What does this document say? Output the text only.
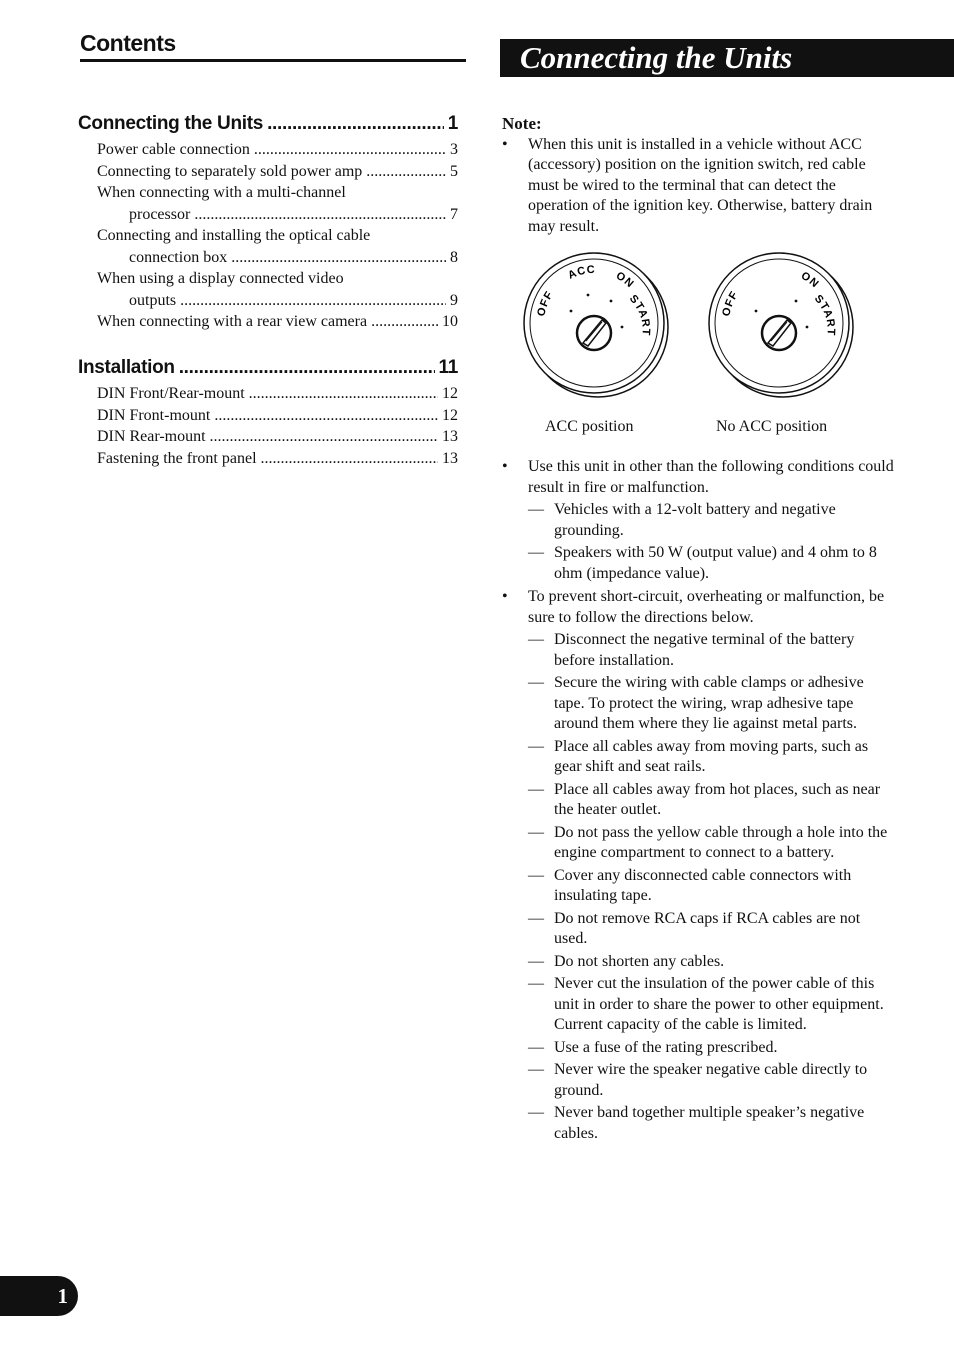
Contents	Connecting the Units
Connecting the Units .....	1
Power cable connection .....	3
Connecting to separately sold power amp .....	5
When connecting with a multi-channel
processor .....	7
Connecting and installing the optical cable
connection box .....	8
When using a display connected video
outputs .....	9
When connecting with a rear view camera .....	10
Installation .....	11
DIN Front/Rear-mount .....	12
DIN Front-mount .....	12
DIN Rear-mount .....	13
Fastening the front panel .....	13
Note:
• When this unit is installed in a vehicle without ACC (accessory) position on the ignition switch, red cable must be wired to the terminal that can detect the operation of the ignition key. Otherwise, battery drain may result.
OFF
ACC ON
START
OFF
ON
START
ACC position	No ACC position
• Use this unit in other than the following conditions could result in fire or malfunction.
— Vehicles with a 12-volt battery and negative grounding.
— Speakers with 50 W (output value) and 4 ohm to 8 ohm (impedance value).
• To prevent short-circuit, overheating or malfunction, be sure to follow the directions below.
— Disconnect the negative terminal of the battery before installation.
— Secure the wiring with cable clamps or adhesive tape. To protect the wiring, wrap adhesive tape around them where they lie against metal parts.
— Place all cables away from moving parts, such as gear shift and seat rails.
— Place all cables away from hot places, such as near the heater outlet.
— Do not pass the yellow cable through a hole into the engine compartment to connect to a battery.
— Cover any disconnected cable connectors with insulating tape.
— Do not remove RCA caps if RCA cables are not used.
— Do not shorten any cables.
— Never cut the insulation of the power cable of this unit in order to share the power to other equipment. Current capacity of the cable is limited.
— Use a fuse of the rating prescribed.
— Never wire the speaker negative cable directly to ground.
— Never band together multiple speaker’s negative cables.
1
